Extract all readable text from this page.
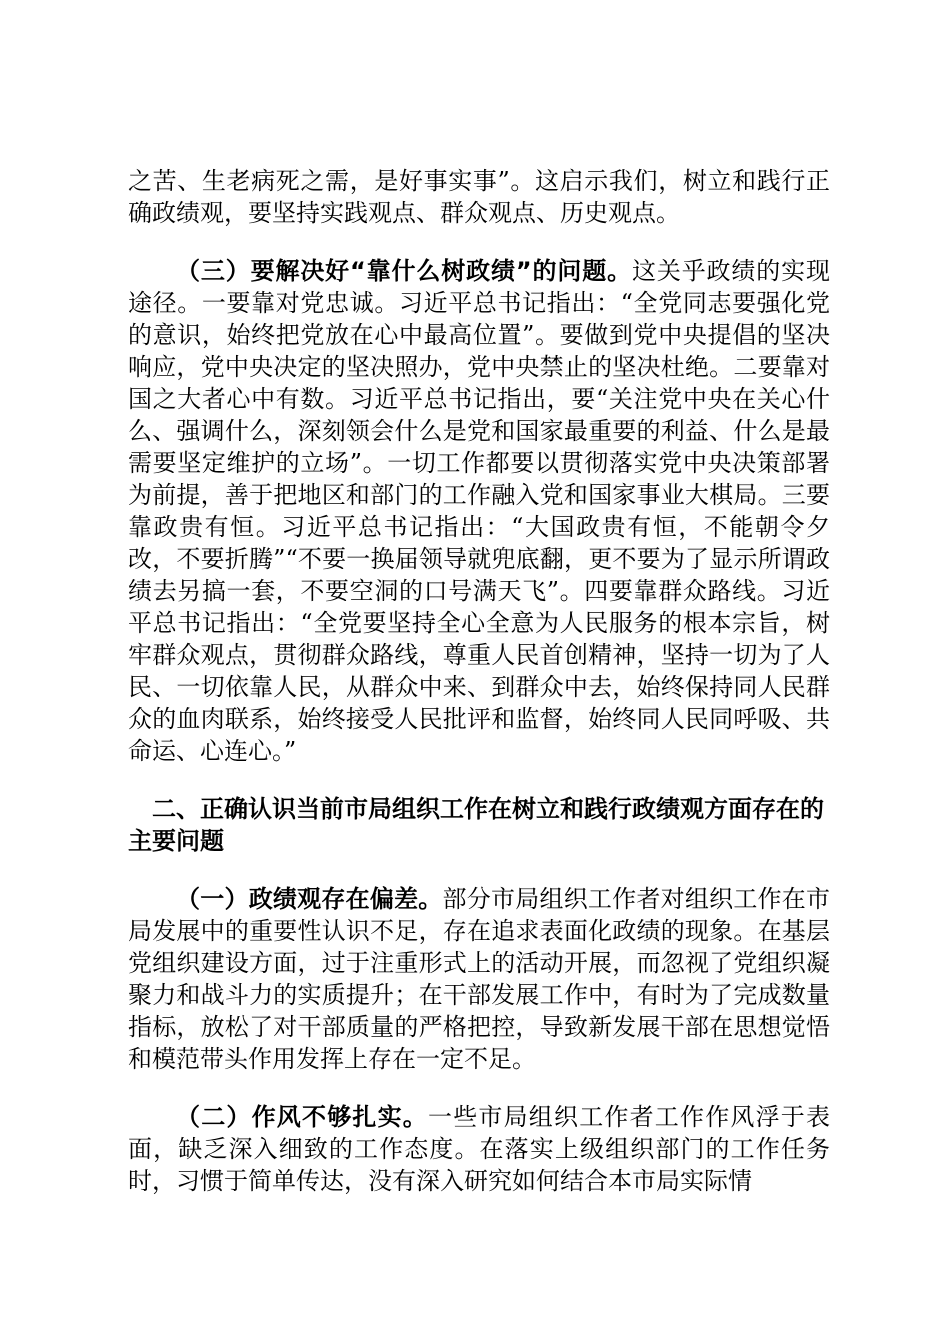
之苦、生老病死之需，是好事实事”。这启示我们，树立和践行正确政绩观，要坚持实践观点、群众观点、历史观点。

（三）要解决好“靠什么树政绩”的问题。这关乎政绩的实现途径。一要靠对党忠诚。习近平总书记指出：“全党同志要强化党的意识，始终把党放在心中最高位置”。要做到党中央提倡的坚决响应，党中央决定的坚决照办，党中央禁止的坚决杜绝。二要靠对国之大者心中有数。习近平总书记指出，要“关注党中央在关心什么、强调什么，深刻领会什么是党和国家最重要的利益、什么是最需要坚定维护的立场”。一切工作都要以贯彻落实党中央决策部署为前提，善于把地区和部门的工作融入党和国家事业大棋局。三要靠政贵有恒。习近平总书记指出：“大国政贵有恒，不能朝令夕改，不要折腾”“不要一换届领导就兜底翻，更不要为了显示所谓政绩去另搞一套，不要空洞的口号满天飞”。四要靠群众路线。习近平总书记指出：“全党要坚持全心全意为人民服务的根本宗旨，树牢群众观点，贯彻群众路线，尊重人民首创精神，坚持一切为了人民、一切依靠人民，从群众中来、到群众中去，始终保持同人民群众的血肉联系，始终接受人民批评和监督，始终同人民同呼吸、共命运、心连心。”

二、正确认识当前市局组织工作在树立和践行政绩观方面存在的主要问题

（一）政绩观存在偏差。部分市局组织工作者对组织工作在市局发展中的重要性认识不足，存在追求表面化政绩的现象。在基层党组织建设方面，过于注重形式上的活动开展，而忽视了党组织凝聚力和战斗力的实质提升；在干部发展工作中，有时为了完成数量指标，放松了对干部质量的严格把控，导致新发展干部在思想觉悟和模范带头作用发挥上存在一定不足。

（二）作风不够扎实。一些市局组织工作者工作作风浮于表面，缺乏深入细致的工作态度。在落实上级组织部门的工作任务时，习惯于简单传达，没有深入研究如何结合本市局实际情
